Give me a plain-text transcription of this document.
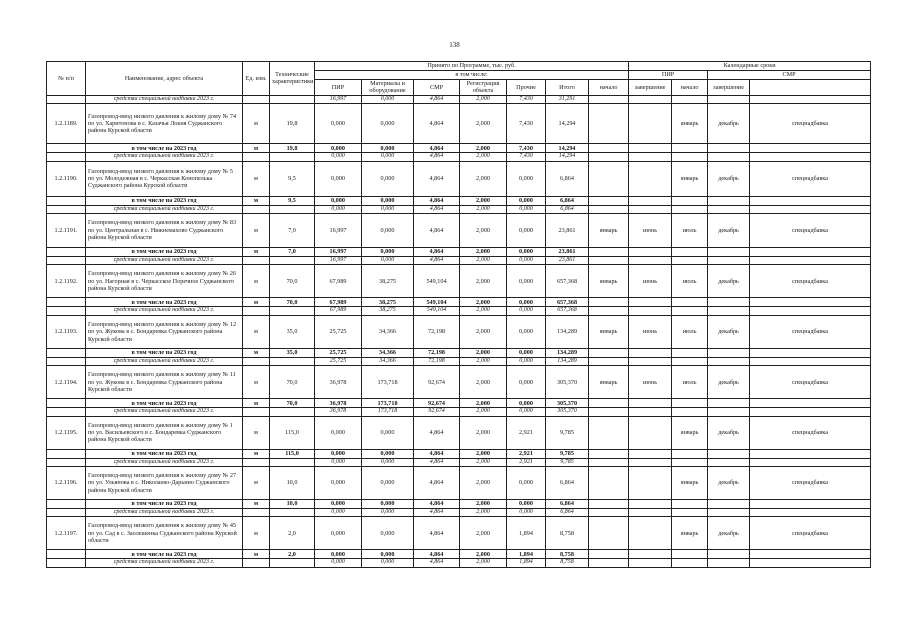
138
№ п/п	Наименование, адрес объекта	Ед. изм.	Технические характеристики	Принято по Программе, тыс. руб.							Календарные сроки	
				в том числе:							ПИР		СМР		
				ПИР	Материалы и оборудование	СМР	Регистрация объекта	Прочие	Итого	начало	завершение	начало	завершение		
	средства специальной надбавки 2023 г.			16,997	0,000	4,864	2,000	7,430	31,291						
1.2.1189.	Газопровод-ввод низкого давления к жилому дому № 74 по ул. Харитонова в с. Казачья Локня Суджанского района Курской области	м	19,8	0,000	0,000	4,864	2,000	7,430	14,294			январь	декабрь	спецнадбавка	
	в том числе на 2023 год	м	19,8	0,000	0,000	4,864	2,000	7,430	14,294						
	средства специальной надбавки 2023 г.			0,000	0,000	4,864	2,000	7,430	14,294						
1.2.1190.	Газопровод-ввод низкого давления к жилому дому № 5 по ул. Молодежная в с. Черкасская Конопелька Суджанского района Курской области	м	9,5	0,000	0,000	4,864	2,000	0,000	6,864			январь	декабрь	спецнадбавка	
	в том числе на 2023 год	м	9,5	0,000	0,000	4,864	2,000	0,000	6,864						
	средства специальной надбавки 2023 г.			0,000	0,000	4,864	2,000	0,000	6,864						
1.2.1191.	Газопровод-ввод низкого давления к жилому дому № 83 по ул. Центральная в с. Нижнемахово Суджанского района Курской области	м	7,0	16,997	0,000	4,864	2,000	0,000	23,861	январь	июнь	июль	декабрь	спецнадбавка	
	в том числе на 2023 год	м	7,0	16,997	0,000	4,864	2,000	0,000	23,861						
	средства специальной надбавки 2023 г.			16,997	0,000	4,864	2,000	0,000	23,861						
1.2.1192.	Газопровод-ввод низкого давления к жилому дому № 26 по ул. Нагорная в с. Черкасское Поречное Суджанского района Курской области	м	70,0	67,989	38,275	549,104	2,000	0,000	657,368	январь	июнь	июль	декабрь	спецнадбавка	
	в том числе на 2023 год	м	70,0	67,989	38,275	549,104	2,000	0,000	657,368						
	средства специальной надбавки 2023 г.			67,989	38,275	549,104	2,000	0,000	657,368						
1.2.1193.	Газопровод-ввод низкого давления к жилому дому № 12 по ул. Жукова в с. Бондаревка Суджанского района Курской области	м	35,0	25,725	34,366	72,198	2,000	0,000	134,289	январь	июнь	июль	декабрь	спецнадбавка	
	в том числе на 2023 год	м	35,0	25,725	34,366	72,198	2,000	0,000	134,289						
	средства специальной надбавки 2023 г.			25,725	34,366	72,198	2,000	0,000	134,289						
1.2.1194.	Газопровод-ввод низкого давления к жилому дому № 11 по ул. Жукова в с. Бондаревка Суджанского района Курской области	м	70,0	36,978	173,718	92,674	2,000	0,000	305,370	январь	июнь	июль	декабрь	спецнадбавка	
	в том числе на 2023 год	м	70,0	36,978	173,718	92,674	2,000	0,000	305,370						
	средства специальной надбавки 2023 г.			36,978	173,718	92,674	2,000	0,000	305,370						
1.2.1195.	Газопровод-ввод низкого давления к жилому дому № 1 по ул. Васильевского в с. Бондаревка Суджанского района Курской области	м	115,0	0,000	0,000	4,864	2,000	2,921	9,785			январь	декабрь	спецнадбавка	
	в том числе на 2023 год	м	115,0	0,000	0,000	4,864	2,000	2,921	9,785						
	средства специальной надбавки 2023 г.			0,000	0,000	4,864	2,000	2,921	9,785						
1.2.1196.	Газопровод-ввод низкого давления к жилому дому № 27 по ул. Ульянова в с. Николаево-Дарьино Суджанского района Курской области	м	10,0	0,000	0,000	4,864	2,000	0,000	6,864			январь	декабрь	спецнадбавка	
	в том числе на 2023 год	м	10,0	0,000	0,000	4,864	2,000	0,000	6,864						
	средства специальной надбавки 2023 г.			0,000	0,000	4,864	2,000	0,000	6,864						
1.2.1197.	Газопровод-ввод низкого давления к жилому дому № 45 по ул. Сад в с. Заолешенка Суджанского района Курской области	м	2,0	0,000	0,000	4,864	2,000	1,894	8,758			январь	декабрь	спецнадбавка	
	в том числе на 2023 год	м	2,0	0,000	0,000	4,864	2,000	1,894	8,758						
	средства специальной надбавки 2023 г.			0,000	0,000	4,864	2,000	1,894	8,758						
